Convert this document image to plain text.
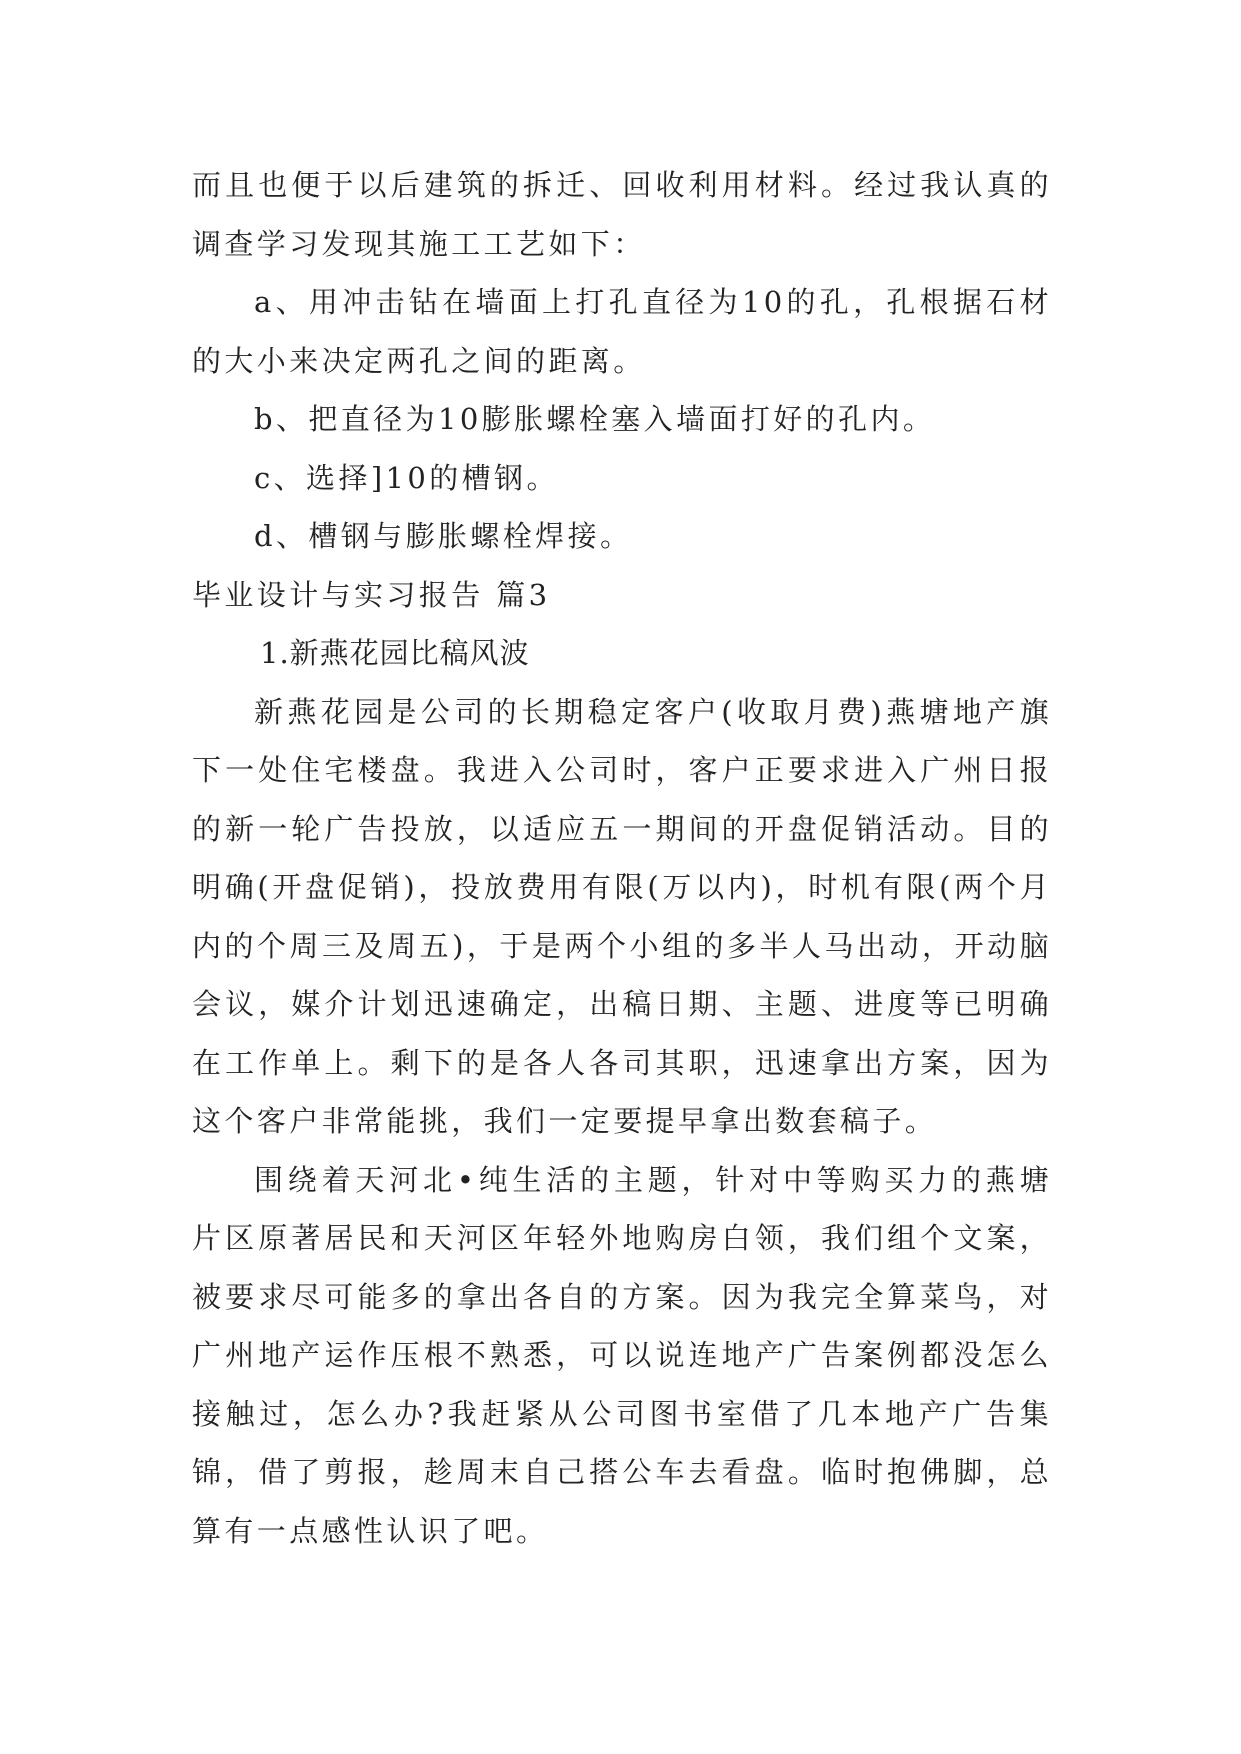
而且也便于以后建筑的拆迁、回收利用材料。经过我认真的调查学习发现其施工工艺如下：

a、用冲击钻在墙面上打孔直径为10的孔，孔根据石材的大小来决定两孔之间的距离。

b、把直径为10膨胀螺栓塞入墙面打好的孔内。

c、选择]10的槽钢。

d、槽钢与膨胀螺栓焊接。

毕业设计与实习报告 篇3

1.新燕花园比稿风波

新燕花园是公司的长期稳定客户(收取月费)燕塘地产旗下一处住宅楼盘。我进入公司时，客户正要求进入广州日报的新一轮广告投放，以适应五一期间的开盘促销活动。目的明确(开盘促销)，投放费用有限(万以内)，时机有限(两个月内的个周三及周五)，于是两个小组的多半人马出动，开动脑会议，媒介计划迅速确定，出稿日期、主题、进度等已明确在工作单上。剩下的是各人各司其职，迅速拿出方案，因为这个客户非常能挑，我们一定要提早拿出数套稿子。

围绕着天河北•纯生活的主题，针对中等购买力的燕塘片区原著居民和天河区年轻外地购房白领，我们组个文案，被要求尽可能多的拿出各自的方案。因为我完全算菜鸟，对广州地产运作压根不熟悉，可以说连地产广告案例都没怎么接触过，怎么办?我赶紧从公司图书室借了几本地产广告集锦，借了剪报，趁周末自己搭公车去看盘。临时抱佛脚，总算有一点感性认识了吧。
